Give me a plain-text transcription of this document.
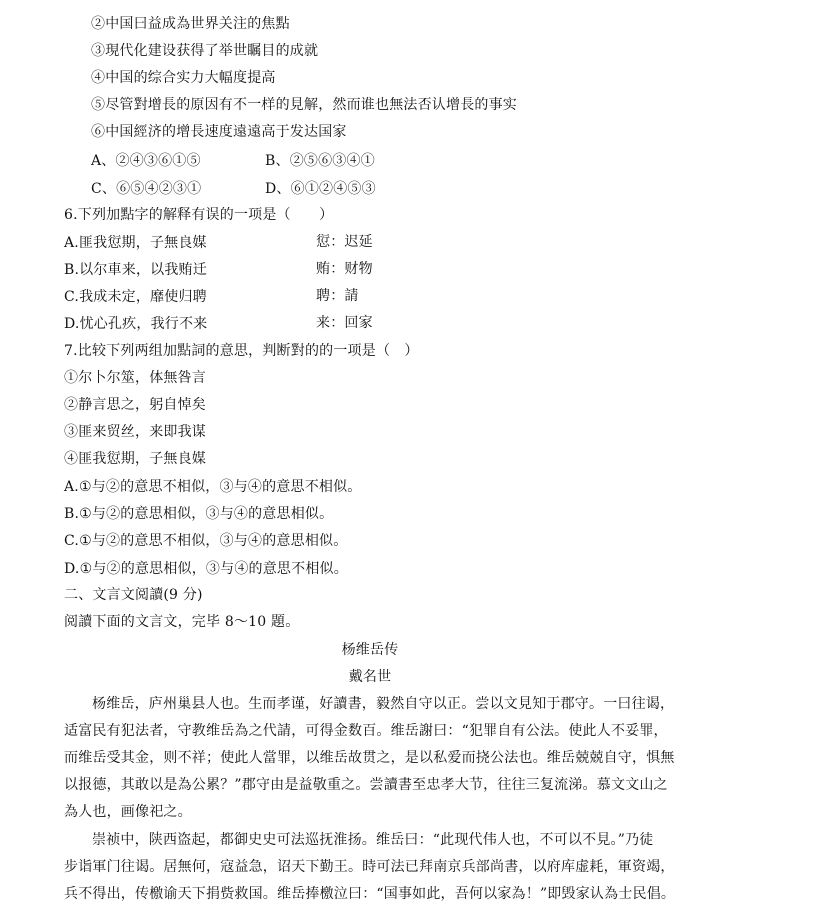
②中国曰益成為世界关注的焦點
③現代化建设获得了举世瞩目的成就
④中国的综合实力大幅度提高
⑤尽管對增長的原因有不一样的見解，然而谁也無法否认增長的事实
⑥中国經济的增長速度遠遠高于发达国家
A、②④③⑥①⑤	B、②⑤⑥③④①
C、⑥⑤④②③①	D、⑥①②④⑤③
6.下列加點字的解释有误的一项是（　　）
A.匪我愆期，子無良媒	愆：迟延
B.以尔車来，以我贿迁	贿：财物
C.我成未定，靡使归聘	聘：請
D.忧心孔疚，我行不来	来：回家
7.比较下列两组加點詞的意思，判断對的的一项是（　）
①尔卜尔筮，体無咎言
②静言思之，躬自悼矣
③匪来贸丝，来即我谋
④匪我愆期，子無良媒
A.①与②的意思不相似，③与④的意思不相似。
B.①与②的意思相似，③与④的意思相似。
C.①与②的意思不相似，③与④的意思相似。
D.①与②的意思相似，③与④的意思不相似。
二、文言文阅讀(9 分)
阅讀下面的文言文，完毕 8～10 題。
杨维岳传
戴名世
杨维岳，庐州巢县人也。生而孝谨，好讀書，毅然自守以正。尝以文見知于郡守。一曰往谒，
适富民有犯法者，守教维岳為之代請，可得金数百。维岳謝曰：“犯罪自有公法。使此人不妥罪，
而维岳受其金，则不祥；使此人當罪，以维岳故贯之，是以私爱而挠公法也。维岳兢兢自守，惧無
以报德，其敢以是為公累？”郡守由是益敬重之。尝讀書至忠孝大节，往往三复流涕。慕文文山之
為人也，画像祀之。
崇祯中，陕西盗起，都御史史可法巡抚淮扬。维岳曰：“此现代伟人也，不可以不見。”乃徒
步诣軍门往谒。居無何，寇益急，诏天下勤王。時可法已拜南京兵部尚書，以府库虚耗，軍资竭，
兵不得出，传檄谕天下捐赀救国。维岳捧檄泣曰：“国事如此，吾何以家為！”即毁家认為士民倡。
